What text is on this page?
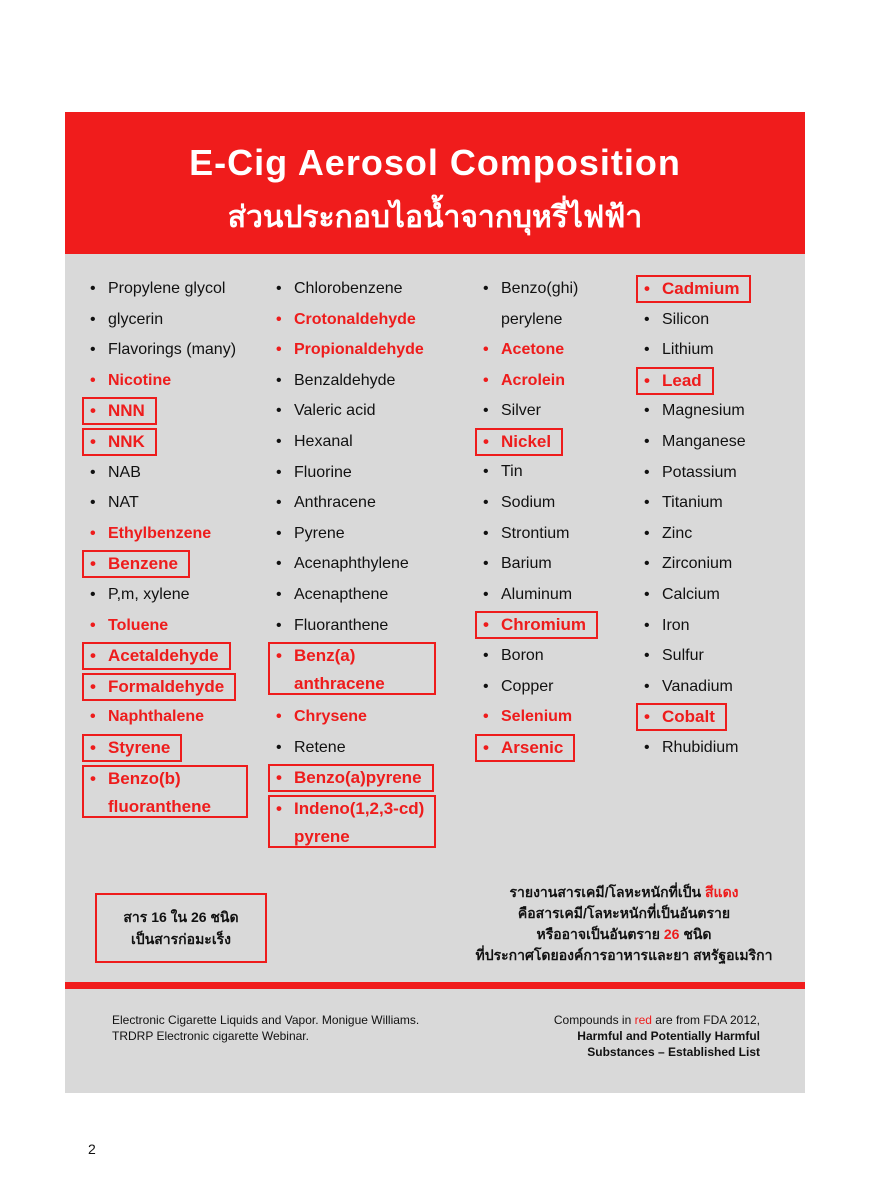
E-Cig Aerosol Composition
ส่วนประกอบไอน้ำจากบุหรี่ไฟฟ้า
• Propylene glycol
• glycerin
• Flavorings (many)
• Nicotine
• NNN
• NNK
• NAB
• NAT
• Ethylbenzene
• Benzene
• P,m, xylene
• Toluene
• Acetaldehyde
• Formaldehyde
• Naphthalene
• Styrene
• Benzo(b)
fluoranthene
• Chlorobenzene
• Crotonaldehyde
• Propionaldehyde
• Benzaldehyde
• Valeric acid
• Hexanal
• Fluorine
• Anthracene
• Pyrene
• Acenaphthylene
• Acenapthene
• Fluoranthene
• Benz(a)
anthracene
• Chrysene
• Retene
• Benzo(a)pyrene
• Indeno(1,2,3-cd)
pyrene
• Benzo(ghi)
perylene
• Acetone
• Acrolein
• Silver
• Nickel
• Tin
• Sodium
• Strontium
• Barium
• Aluminum
• Chromium
• Boron
• Copper
• Selenium
• Arsenic
• Cadmium
• Silicon
• Lithium
• Lead
• Magnesium
• Manganese
• Potassium
• Titanium
• Zinc
• Zirconium
• Calcium
• Iron
• Sulfur
• Vanadium
• Cobalt
• Rhubidium
สาร 16 ใน 26 ชนิด
เป็นสารก่อมะเร็ง
รายงานสารเคมี/โลหะหนักที่เป็น สีแดง
คือสารเคมี/โลหะหนักที่เป็นอันตราย
หรืออาจเป็นอันตราย 26 ชนิด
ที่ประกาศโดยองค์การอาหารและยา สหรัฐอเมริกา
Electronic Cigarette Liquids and Vapor. Monigue Williams.
TRDRP Electronic cigarette Webinar.
Compounds in red are from FDA 2012,
Harmful and Potentially Harmful
Substances – Established List
2
